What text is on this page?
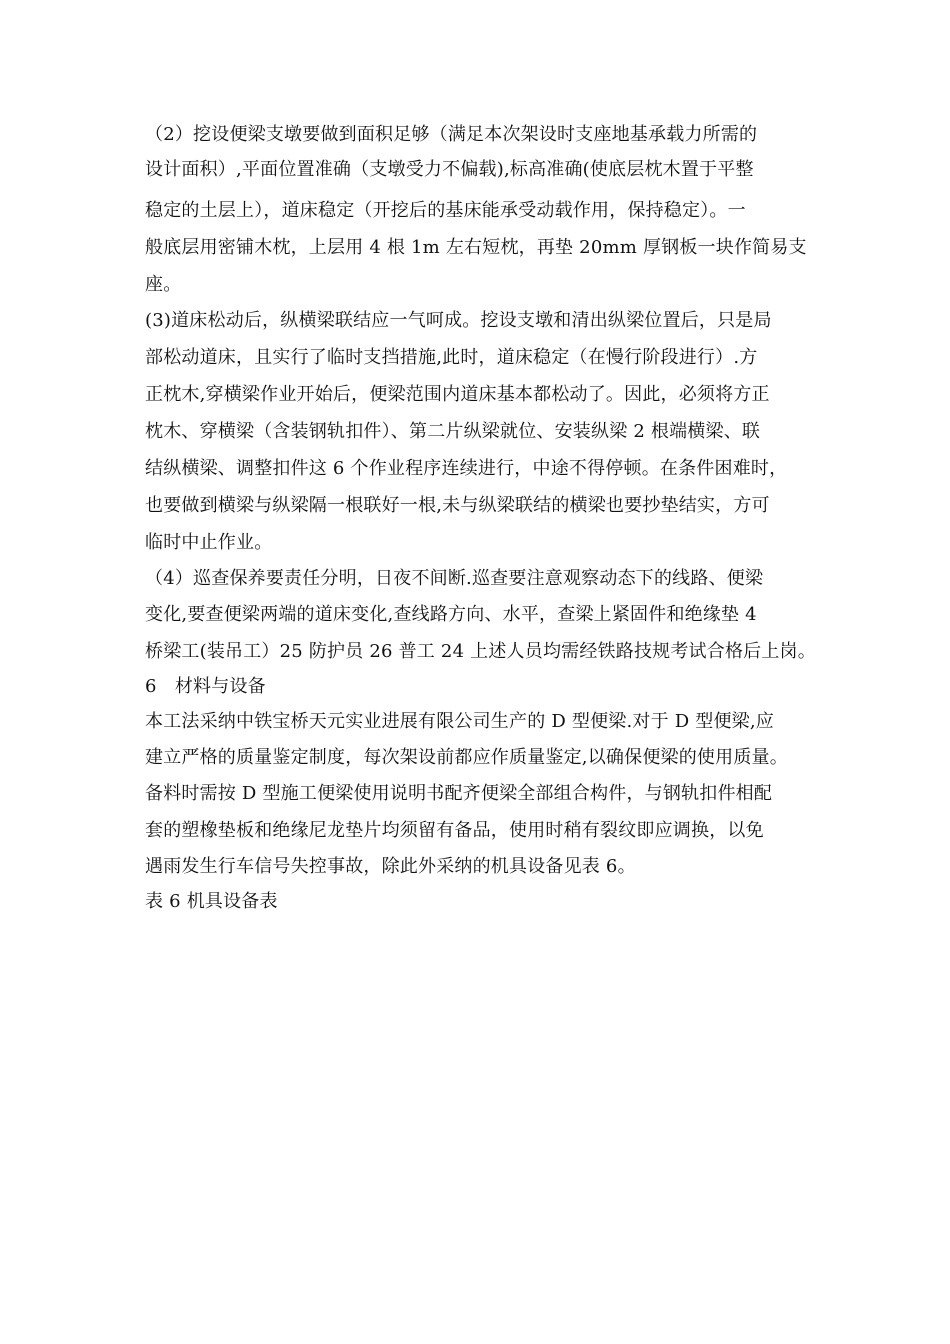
（2）挖设便梁支墩要做到面积足够（满足本次架设时支座地基承载力所需的
设计面积）,平面位置准确（支墩受力不偏载),标高准确(使底层枕木置于平整
稳定的土层上），道床稳定（开挖后的基床能承受动载作用，保持稳定）。一
般底层用密铺木枕，上层用 4 根 1m 左右短枕，再垫 20mm 厚钢板一块作简易支
座。
(3)道床松动后，纵横梁联结应一气呵成。挖设支墩和清出纵梁位置后，只是局
部松动道床，且实行了临时支挡措施,此时，道床稳定（在慢行阶段进行）.方
正枕木,穿横梁作业开始后，便梁范围内道床基本都松动了。因此，必须将方正
枕木、穿横梁（含装钢轨扣件）、第二片纵梁就位、安装纵梁 2 根端横梁、联
结纵横梁、调整扣件这 6 个作业程序连续进行，中途不得停顿。在条件困难时，
也要做到横梁与纵梁隔一根联好一根,未与纵梁联结的横梁也要抄垫结实，方可
临时中止作业。
（4）巡查保养要责任分明，日夜不间断.巡查要注意观察动态下的线路、便梁
变化,要查便梁两端的道床变化,查线路方向、水平，查梁上紧固件和绝缘垫 4
桥梁工(装吊工）25 防护员 26 普工 24 上述人员均需经铁路技规考试合格后上岗。
6　材料与设备
本工法采纳中铁宝桥天元实业进展有限公司生产的 D 型便梁.对于 D 型便梁,应
建立严格的质量鉴定制度，每次架设前都应作质量鉴定,以确保便梁的使用质量。
备料时需按 D 型施工便梁使用说明书配齐便梁全部组合构件，与钢轨扣件相配
套的塑橡垫板和绝缘尼龙垫片均须留有备品，使用时稍有裂纹即应调换，以免
遇雨发生行车信号失控事故，除此外采纳的机具设备见表 6。
表 6 机具设备表
